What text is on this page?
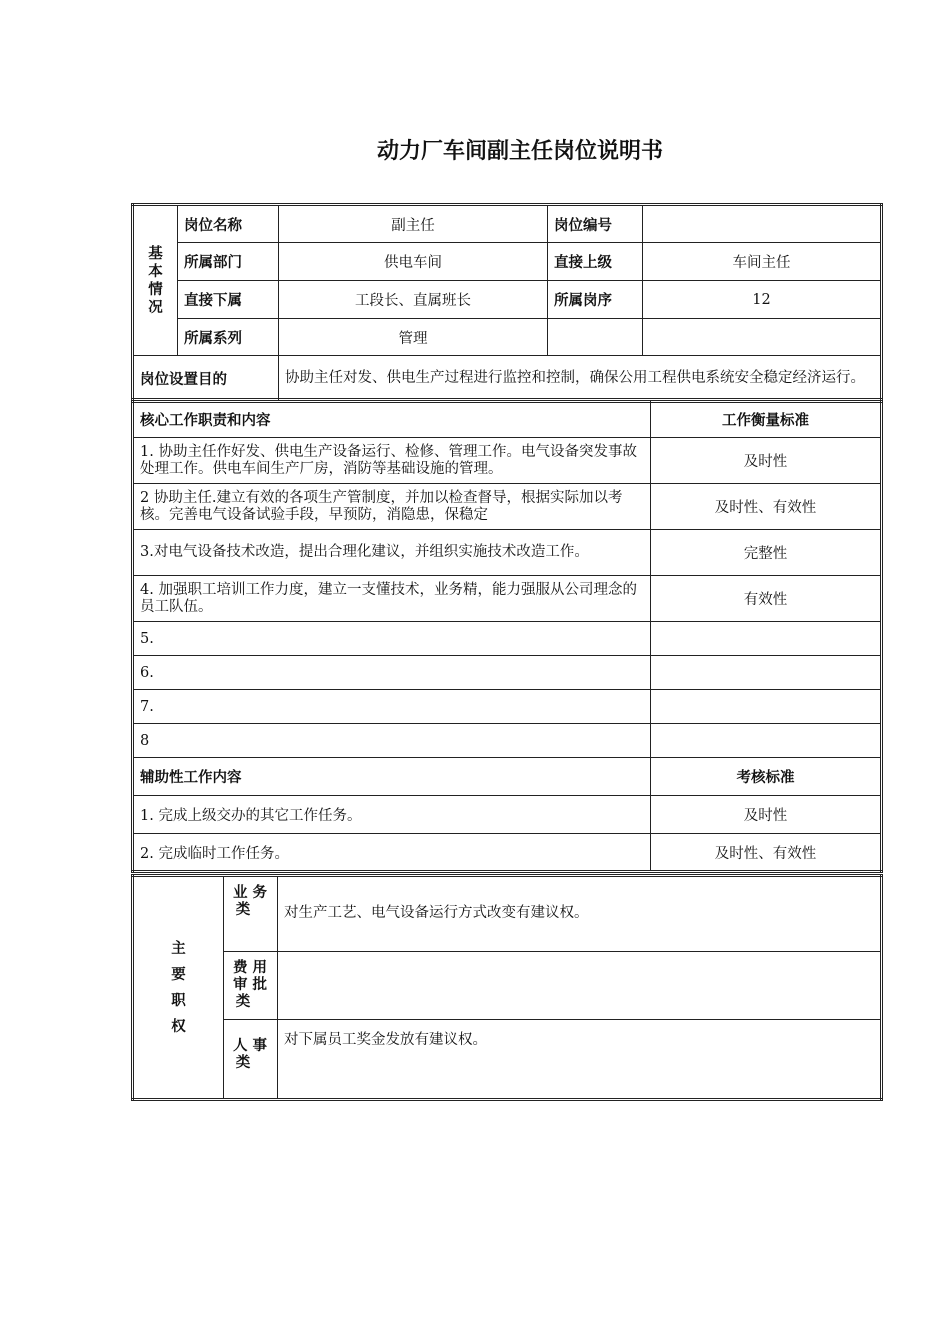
动力厂车间副主任岗位说明书
基
本
情
况	岗位名称	副主任	岗位编号	
	所属部门	供电车间	直接上级	车间主任
	直接下属	工段长、直属班长	所属岗序	12
	所属系列	管理		
岗位设置目的		协助主任对发、供电生产过程进行监控和控制，确保公用工程供电系统安全稳定经济运行。		
核心工作职责和内容	工作衡量标准
1. 协助主任作好发、供电生产设备运行、检修、管理工作。电气设备突发事故处理工作。供电车间生产厂房，消防等基础设施的管理。	及时性
2 协助主任.建立有效的各项生产管制度，并加以检查督导，根据实际加以考核。完善电气设备试验手段，早预防，消隐患，保稳定	及时性、有效性
3.对电气设备技术改造，提出合理化建议，并组织实施技术改造工作。	完整性
4. 加强职工培训工作力度，建立一支懂技术，业务精，能力强服从公司理念的员工队伍。	有效性
5.	
6.	
7.	
8	
辅助性工作内容	考核标准
1. 完成上级交办的其它工作任务。	及时性
2. 完成临时工作任务。	及时性、有效性
主
要
职
权	业 务
类	对生产工艺、电气设备运行方式改变有建议权。
	费 用
审 批
类	
	人 事
类	对下属员工奖金发放有建议权。
